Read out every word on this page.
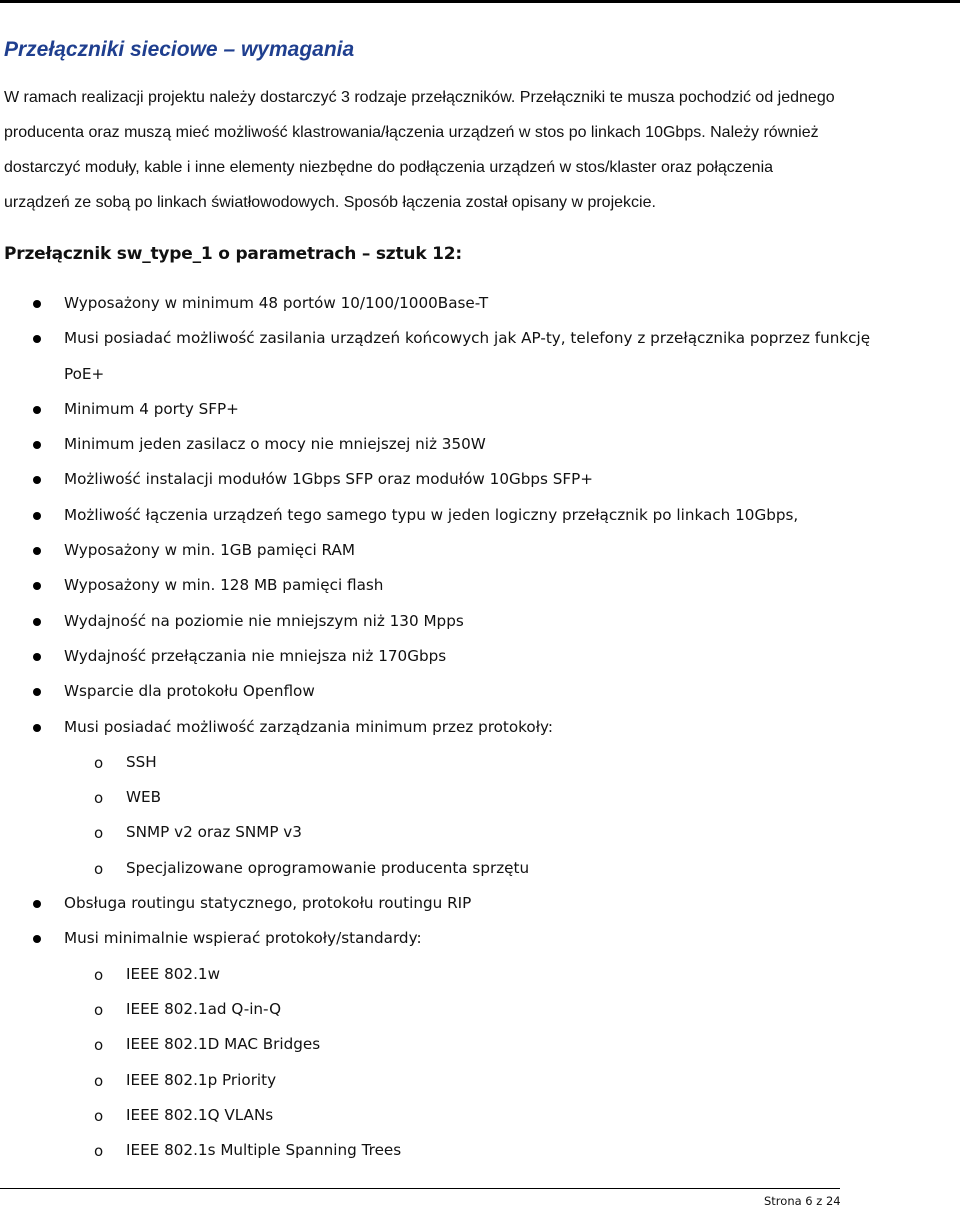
Przełączniki sieciowe – wymagania

W ramach realizacji projektu należy dostarczyć 3 rodzaje przełączników. Przełączniki te musza pochodzić od jednego
producenta oraz muszą mieć możliwość klastrowania/łączenia urządzeń w stos po linkach 10Gbps. Należy również
dostarczyć moduły, kable i inne elementy niezbędne do podłączenia urządzeń w stos/klaster oraz połączenia
urządzeń ze sobą po linkach światłowodowych. Sposób łączenia został opisany w projekcie.

Przełącznik sw_type_1 o parametrach – sztuk 12:
Wyposażony w minimum 48 portów 10/100/1000Base-T
Musi posiadać możliwość zasilania urządzeń końcowych jak AP-ty, telefony z przełącznika poprzez funkcję
PoE+
Minimum 4 porty SFP+
Minimum jeden zasilacz o mocy nie mniejszej niż 350W
Możliwość instalacji modułów 1Gbps SFP oraz modułów 10Gbps SFP+
Możliwość łączenia urządzeń tego samego typu w jeden logiczny przełącznik po linkach 10Gbps,
Wyposażony w min. 1GB pamięci RAM
Wyposażony w min. 128 MB pamięci flash
Wydajność na poziomie nie mniejszym niż 130 Mpps
Wydajność przełączania nie mniejsza niż 170Gbps
Wsparcie dla protokołu Openflow
Musi posiadać możliwość zarządzania minimum przez protokoły:
o SSH
o WEB
o SNMP v2 oraz SNMP v3
o Specjalizowane oprogramowanie producenta sprzętu
Obsługa routingu statycznego, protokołu routingu RIP
Musi minimalnie wspierać protokoły/standardy:
o IEEE 802.1w
o IEEE 802.1ad Q-in-Q
o IEEE 802.1D MAC Bridges
o IEEE 802.1p Priority
o IEEE 802.1Q VLANs
o IEEE 802.1s Multiple Spanning Trees

Strona 6 z 24
